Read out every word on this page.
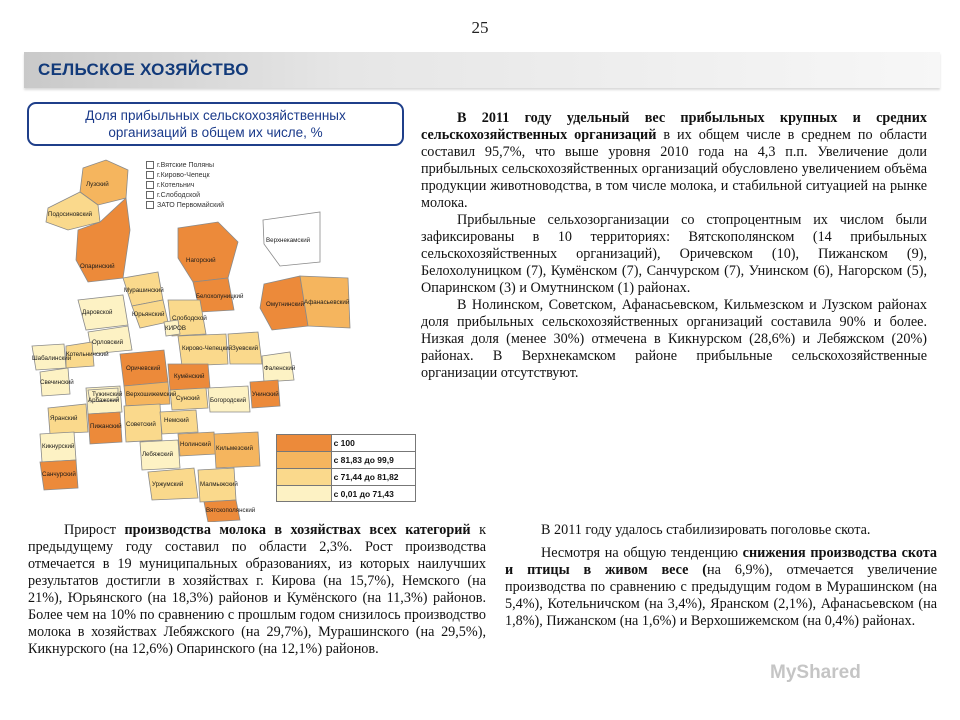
25
СЕЛЬСКОЕ ХОЗЯЙСТВО
Доля прибыльных сельскохозяйственных
организаций в общем их числе, %
Лузский
Подосиновский
Опаринский
Нагорский
Верхнекамский
Мурашинский
Юрьянский
Белохолуницкий
Омутнинский Афанасьевский
Даровской
Слободской
Орловский
Котельничский
КИРОВ
Свечинский
Кирово-Чепецкий Зуевский
Шабалинский
Оричевский	Фаленский
Верхошижемский	Унинский
Кумёнский
Арбажский	Сунский Богородский
Яранский
Пижанский
Тужинский
Советский
Немский
Лебяжский
Нолинский
Кильмезский
Кикнурский
Санчурский
Уржумский	Малмыжский
Вятскополянский
г.Вятские Поляны
г.Кирово-Чепецк
г.Котельнич
г.Слободской
ЗАТО Первомайский
с 100
с 81,83 до 99,9
с 71,44 до 81,82
с 0,01 до 71,43

В 2011 году удельный вес прибыльных крупных и средних сельскохозяйственных организаций в их общем числе в среднем по области составил 95,7%, что выше уровня 2010 года на 4,3 п.п. Увеличение доли прибыльных сельскохозяйственных организаций обусловлено увеличением объёма продукции животноводства, в том числе молока, и стабильной ситуацией на рынке молока.

Прибыльные сельхозорганизации со стопроцентным их числом были зафиксированы в 10 территориях: Вятскополянском (14 прибыльных сельскохозяйственных организаций), Оричевском (10), Пижанском (9), Белохолуницком (7), Кумёнском (7), Санчурском (7), Унинском (6), Нагорском (5), Опаринском (3) и Омутнинском (1) районах.

В Нолинском, Советском, Афанасьевском, Кильмезском и Лузском районах доля прибыльных сельскохозяйственных организаций составила 90% и более. Низкая доля (менее 30%) отмечена в Кикнурском (28,6%) и Лебяжском (20%) районах. В Верхнекамском районе прибыльные сельскохозяйственные организации отсутствуют.

Прирост производства молока в хозяйствах всех категорий к предыдущему году составил по области 2,3%. Рост производства отмечается в 19 муниципальных образованиях, из которых наилучших результатов достигли в хозяйствах г. Кирова (на 15,7%), Немского (на 21%), Юрьянского (на 18,3%) районов и Кумёнского (на 11,3%) районов. Более чем на 10% по сравнению с прошлым годом снизилось производство молока в хозяйствах Лебяжского (на 29,7%), Мурашинского (на 29,5%), Кикнурского (на 12,6%) Опаринского (на 12,1%) районов.

В 2011 году удалось стабилизировать поголовье скота.

Несмотря на общую тенденцию снижения производства скота и птицы в живом весе (на 6,9%), отмечается увеличение производства по сравнению с предыдущим годом в Мурашинском (на 5,4%), Котельничском (на 3,4%), Яранском (2,1%), Афанасьевском (на 1,8%), Пижанском (на 1,6%) и Верхошижемском (на 0,4%) районах.

MyShared
